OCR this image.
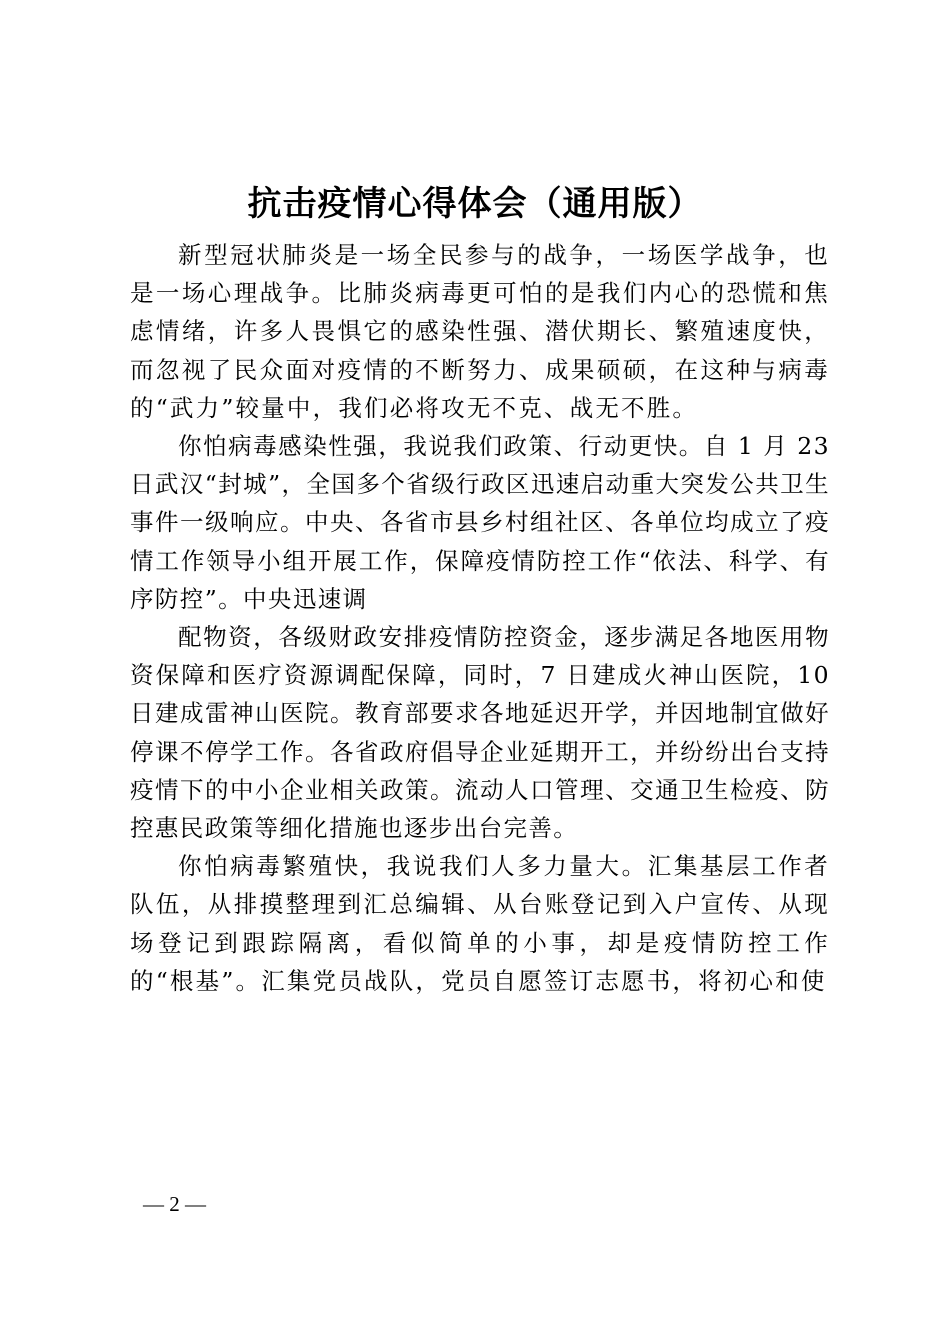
抗击疫情心得体会（通用版）

新型冠状肺炎是一场全民参与的战争，一场医学战争，也是一场心理战争。比肺炎病毒更可怕的是我们内心的恐慌和焦虑情绪，许多人畏惧它的感染性强、潜伏期长、繁殖速度快，而忽视了民众面对疫情的不断努力、成果硕硕，在这种与病毒的“武力”较量中，我们必将攻无不克、战无不胜。

你怕病毒感染性强，我说我们政策、行动更快。自 1 月 23 日武汉“封城”，全国多个省级行政区迅速启动重大突发公共卫生事件一级响应。中央、各省市县乡村组社区、各单位均成立了疫情工作领导小组开展工作，保障疫情防控工作“依法、科学、有序防控”。中央迅速调

配物资，各级财政安排疫情防控资金，逐步满足各地医用物资保障和医疗资源调配保障，同时，7 日建成火神山医院，10 日建成雷神山医院。教育部要求各地延迟开学，并因地制宜做好停课不停学工作。各省政府倡导企业延期开工，并纷纷出台支持疫情下的中小企业相关政策。流动人口管理、交通卫生检疫、防控惠民政策等细化措施也逐步出台完善。

你怕病毒繁殖快，我说我们人多力量大。汇集基层工作者队伍，从排摸整理到汇总编辑、从台账登记到入户宣传、从现场登记到跟踪隔离，看似简单的小事，却是疫情防控工作的“根基”。汇集党员战队，党员自愿签订志愿书，将初心和使

— 2 —
